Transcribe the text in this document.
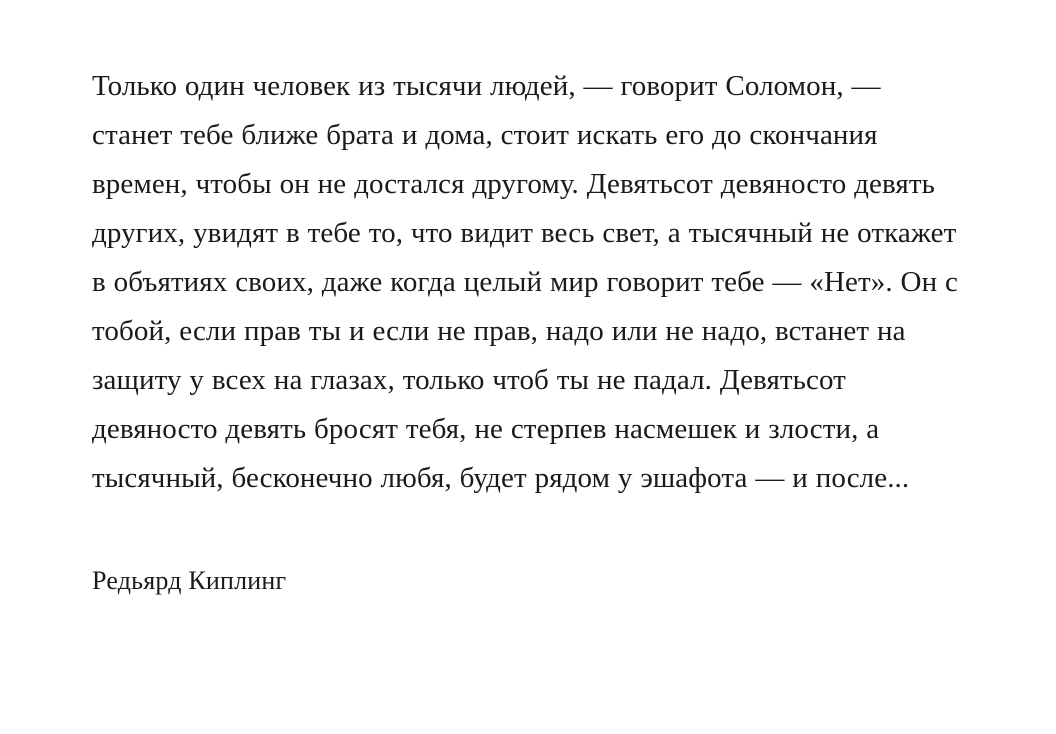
Только один человек из тысячи людей, — говорит Соломон, — станет тебе ближе брата и дома, стоит искать его до скончания времен, чтобы он не достался другому. Девятьсот девяносто девять других, увидят в тебе то, что видит весь свет, а тысячный не откажет в объятиях своих, даже когда целый мир говорит тебе — «Нет». Он с тобой, если прав ты и если не прав, надо или не надо, встанет на защиту у всех на глазах, только чтоб ты не падал. Девятьсот девяносто девять бросят тебя, не стерпев насмешек и злости, а тысячный, бесконечно любя, будет рядом у эшафота — и после...

Редьярд Киплинг
